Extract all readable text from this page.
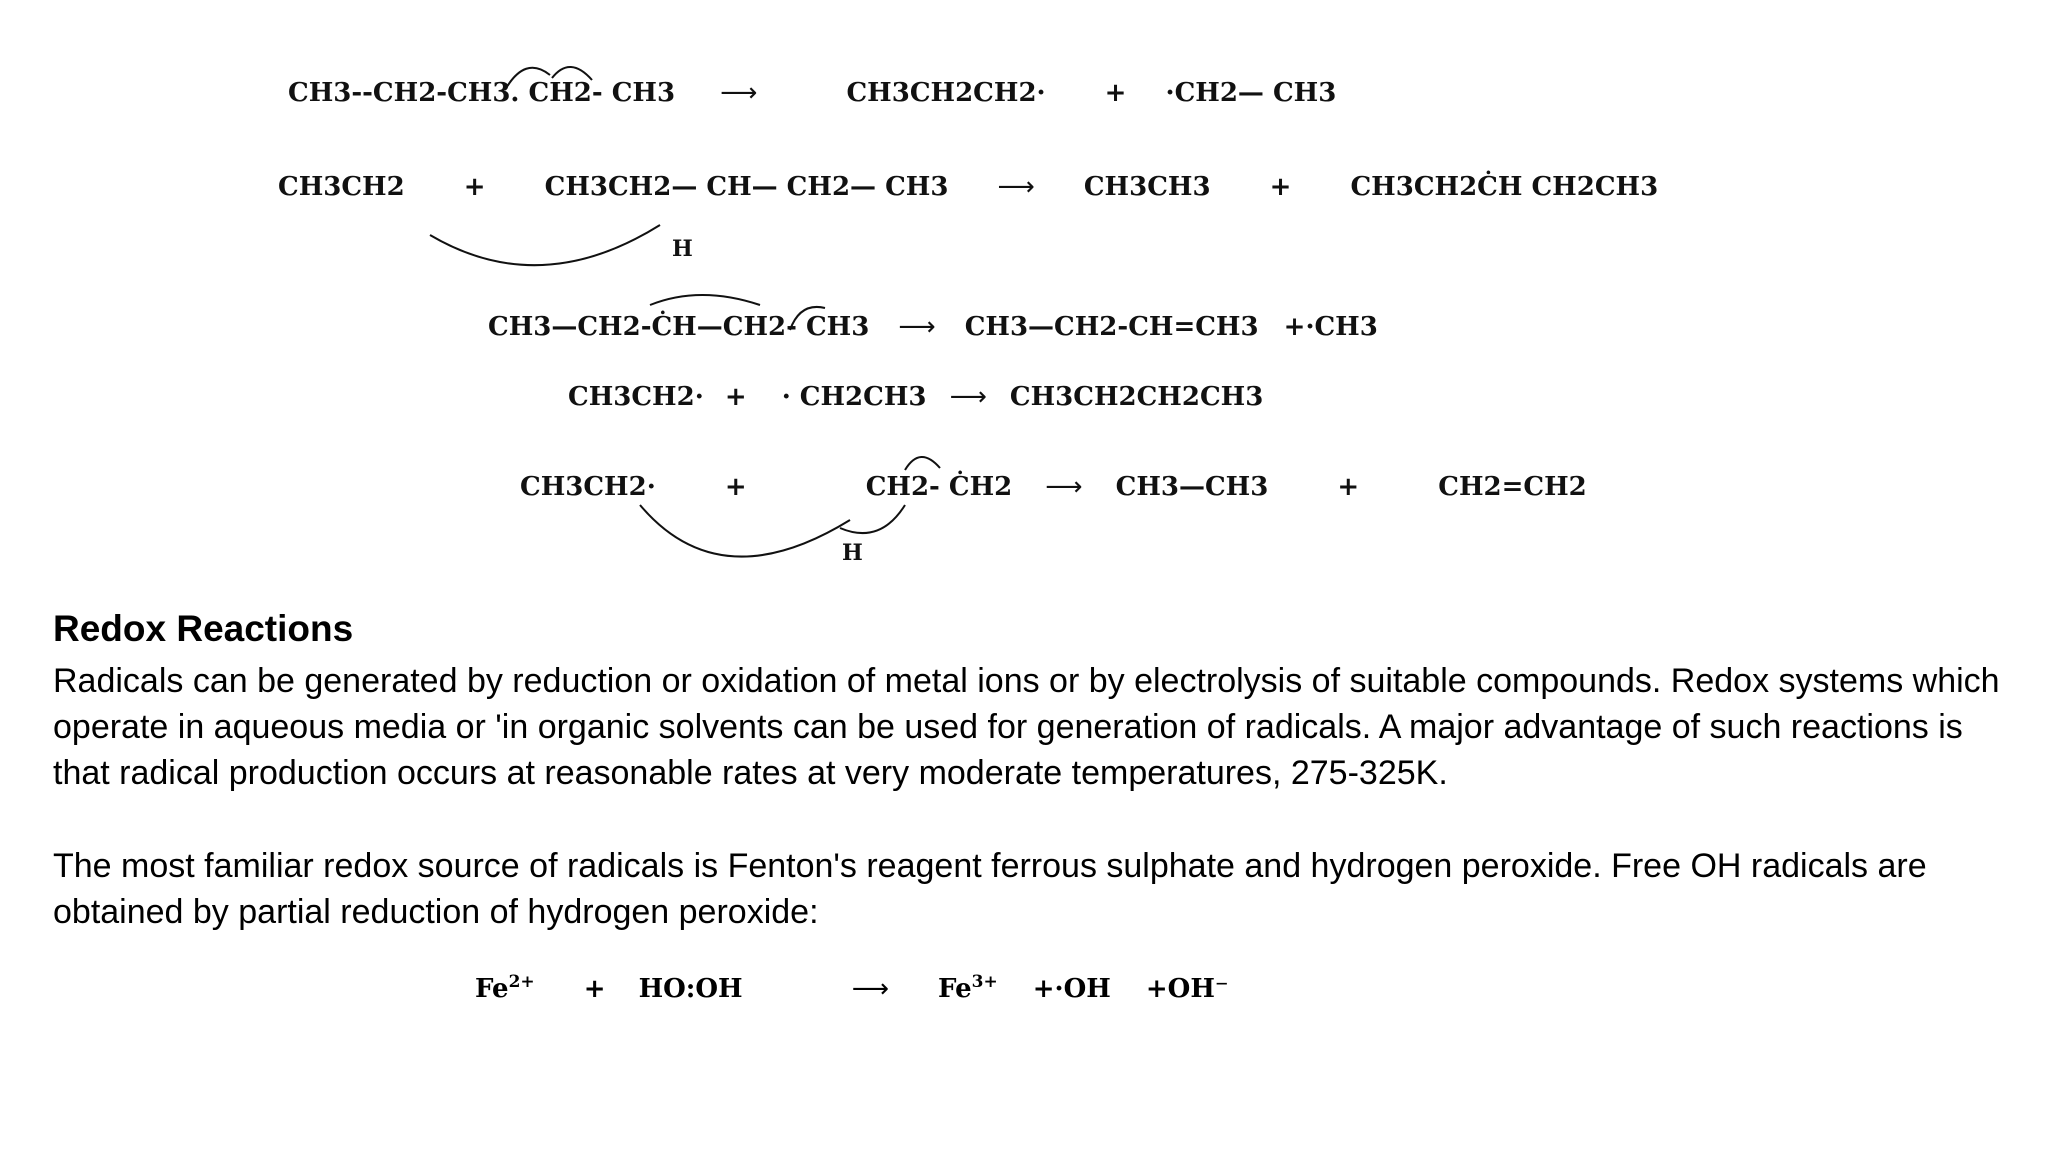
CH3--CH2-CH3. CH2- CH3 ⟶	CH3CH2CH2· + ·CH2— CH3
CH3CH2 + CH3CH2— CH— CH2— CH3 ⟶ CH3CH3 + CH3CH2ĊH CH2CH3
H
CH3—CH2-ĊH—CH2- CH3 ⟶ CH3—CH2-CH=CH3 +·CH3
CH3CH2· + · CH2CH3 ⟶ CH3CH2CH2CH3
CH3CH2·	+	CH2- ĊH2 ⟶ CH3—CH3	+	CH2=CH2
H
Redox Reactions
Radicals can be generated by reduction or oxidation of metal ions or by electrolysis of suitable compounds. Redox systems which operate in aqueous media or 'in organic solvents can be used for generation of radicals. A major advantage of such reactions is that radical production occurs at reasonable rates at very moderate temperatures, 275-325K.
The most familiar redox source of radicals is Fenton's reagent ferrous sulphate and hydrogen peroxide. Free OH radicals are obtained by partial reduction of hydrogen peroxide:
$Fe^{2+}$ + HO:OH	⟶ $Fe^{3+} +\cdot OH +OH^-$
